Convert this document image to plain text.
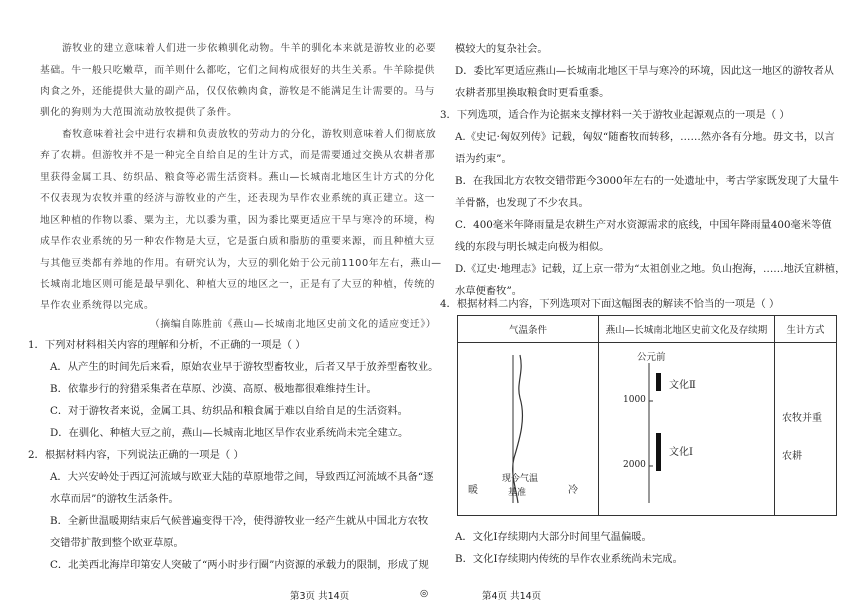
游牧业的建立意味着人们进一步依赖驯化动物。牛羊的驯化本来就是游牧业的必要
基础。牛一般只吃嫩草，而羊则什么都吃，它们之间构成很好的共生关系。牛羊除提供
肉食之外，还能提供大量的副产品，仅仅依赖肉食，游牧是不能满足生计需要的。马与
驯化的狗则为大范围流动放牧提供了条件。
畜牧意味着社会中进行农耕和负责放牧的劳动力的分化，游牧则意味着人们彻底放
弃了农耕。但游牧并不是一种完全自给自足的生计方式，而是需要通过交换从农耕者那
里获得金属工具、纺织品、粮食等必需生活资料。燕山—长城南北地区生计方式的分化
不仅表现为农牧并重的经济与游牧业的产生，还表现为旱作农业系统的真正建立。这一
地区种植的作物以黍、粟为主，尤以黍为重，因为黍比粟更适应干旱与寒冷的环境，构
成旱作农业系统的另一种农作物是大豆，它是蛋白质和脂肪的重要来源，而且种植大豆
与其他豆类都有养地的作用。有研究认为，大豆的驯化始于公元前1100年左右，燕山—
长城南北地区则可能是最早驯化、种植大豆的地区之一，正是有了大豆的种植，传统的
旱作农业系统得以完成。
（摘编自陈胜前《燕山—长城南北地区史前文化的适应变迁》）
1．下列对材料相关内容的理解和分析，不正确的一项是（ ）
A．从产生的时间先后来看，原始农业早于游牧型畜牧业，后者又早于放养型畜牧业。
B．依靠步行的狩猎采集者在草原、沙漠、高原、极地都很难维持生计。
C．对于游牧者来说，金属工具、纺织品和粮食属于难以自给自足的生活资料。
D．在驯化、种植大豆之前，燕山—长城南北地区旱作农业系统尚未完全建立。
2．根据材料内容，下列说法正确的一项是（ ）
A．大兴安岭处于西辽河流域与欧亚大陆的草原地带之间，导致西辽河流域不具备“逐
水草而居”的游牧生活条件。
B．全新世温暖期结束后气候普遍变得干冷，使得游牧业一经产生就从中国北方农牧
交错带扩散到整个欧亚草原。
C．北美西北海岸印第安人突破了“两小时步行圈”内资源的承载力的限制，形成了规
第3页 共14页	◎
模较大的复杂社会。
D．委比军更适应燕山—长城南北地区干旱与寒冷的环境，因此这一地区的游牧者从
农耕者那里换取粮食时更看重黍。
3．下列选项，适合作为论据来支撑材料一关于游牧业起源观点的一项是（ ）
A.《史记·匈奴列传》记载，匈奴“随畜牧而转移，……然亦各有分地。毋文书，以言
语为约束”。
B．在我国北方农牧交错带距今3000年左右的一处遗址中，考古学家既发现了大量牛
羊骨骼，也发现了不少农具。
C．400毫米年降雨量是农耕生产对水资源需求的底线，中国年降雨量400毫米等值
线的东段与明长城走向极为相似。
D.《辽史·地理志》记载，辽上京一带为“太祖创业之地。负山抱海，……地沃宜耕植，
水草便畜牧”。
4．根据材料二内容，下列选项对下面这幅图表的解读不恰当的一项是（ ）
气温条件	燕山—长城南北地区史前文化及存续期	生计方式

暖 冷
现今气温
基准	公元前
1000
2000
文化Ⅱ
文化Ⅰ	农牧并重
农耕
A．文化Ⅰ存续期内大部分时间里气温偏暖。
B．文化Ⅰ存续期内传统的旱作农业系统尚未完成。
第4页 共14页
